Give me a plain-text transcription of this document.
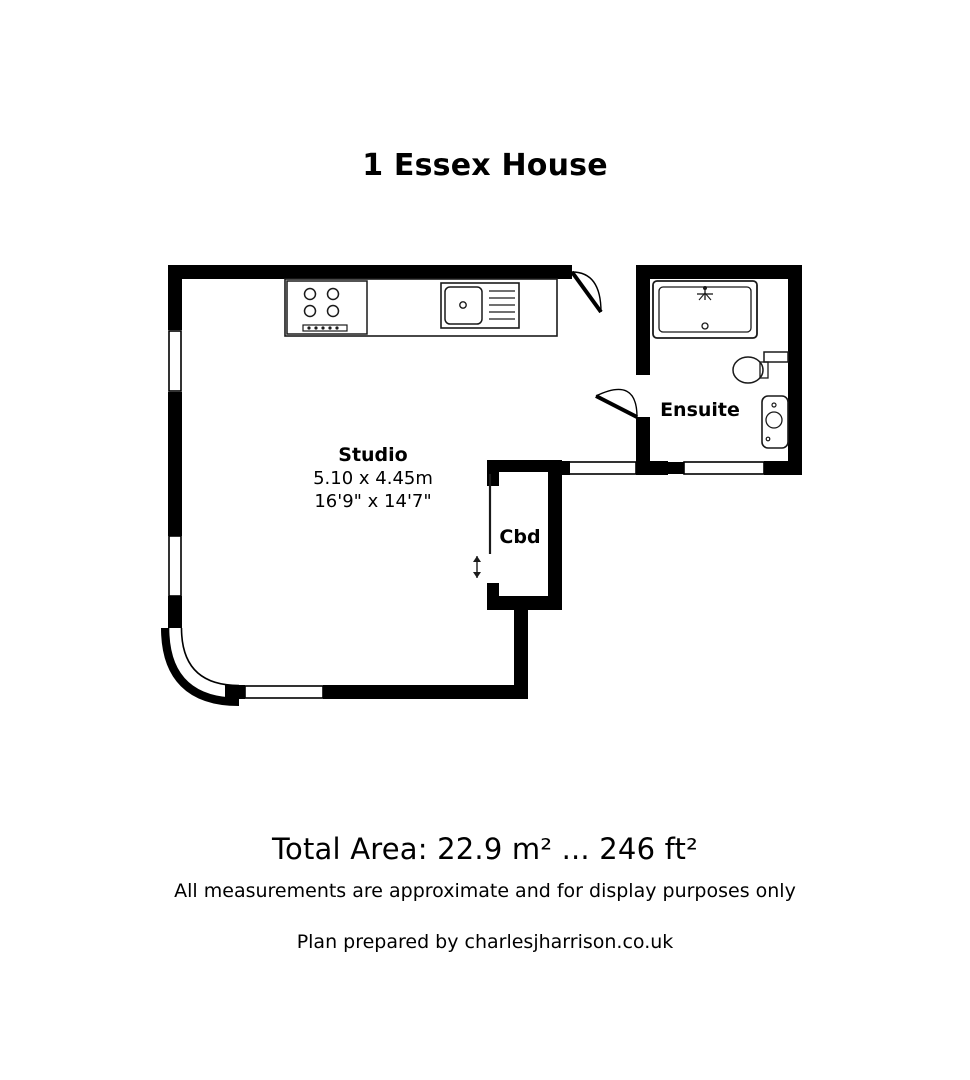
1 Essex House
Studio
5.10 x 4.45m
16'9" x 14'7"
Ensuite
Cbd
Total Area: 22.9 m² ... 246 ft²
All measurements are approximate and for display purposes only
Plan prepared by charlesjharrison.co.uk
